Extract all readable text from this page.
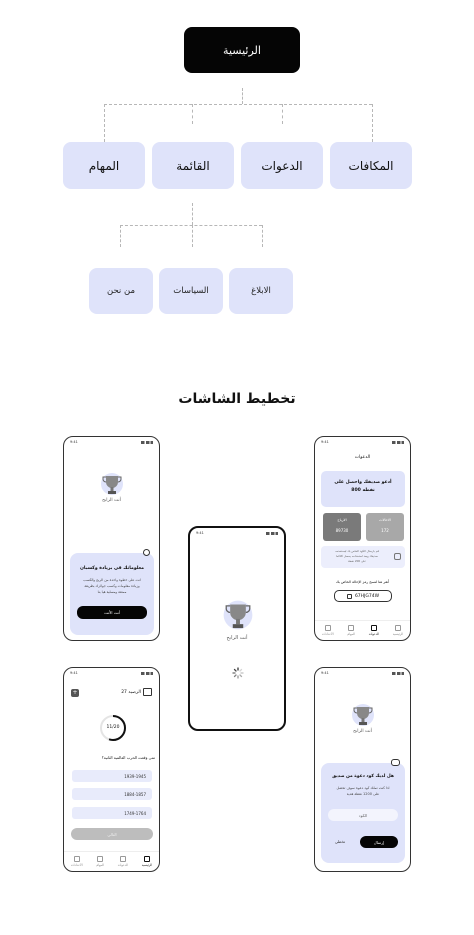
الرئيسية
المكافات
الدعوات
القائمة
المهام
الابلاغ
السياسات
من نحن
تخطيط الشاشات
9:41
أنت الرابح
معلوماتك في بزيادة وكسبان
انت على خطوة واحدة من الربح والكسب
وزيادة معلومات وكسب جوائزك بطريقة
ممتعة ومسلية هيا بنا
أنت الأنت
9:41
أنت الرابح
9:41
الدعوات
أدعو صديقك واحصل على
نقطه 800
الارباح
89730
الاحالات
172
قم بارسال الكود الخاص بك ليستخدمه
صديقك وبعد استخدامه يحصل كلاكما
على 200 نقطة
أنقر هنا لنسخ رمز الإحالة الخاص بك
67HJG74W
الأعدادات	المهام	الدعوات	الرئيسية
9:41
+	الرصيد 27
11/20
متى وقعت الحرب العالمية الثانية؟
1939-1945
1884-1857
1749-1764
التالي
الأعدادات	المهام	الدعوات	الرئيسية
9:41
أنت الرابح
هل لديك كود دعوة من صديق
اذا كنت تملك كود دعوة سوف تحصل
على 1200 نقطة هدية
الكود
إرسال
تخطي
